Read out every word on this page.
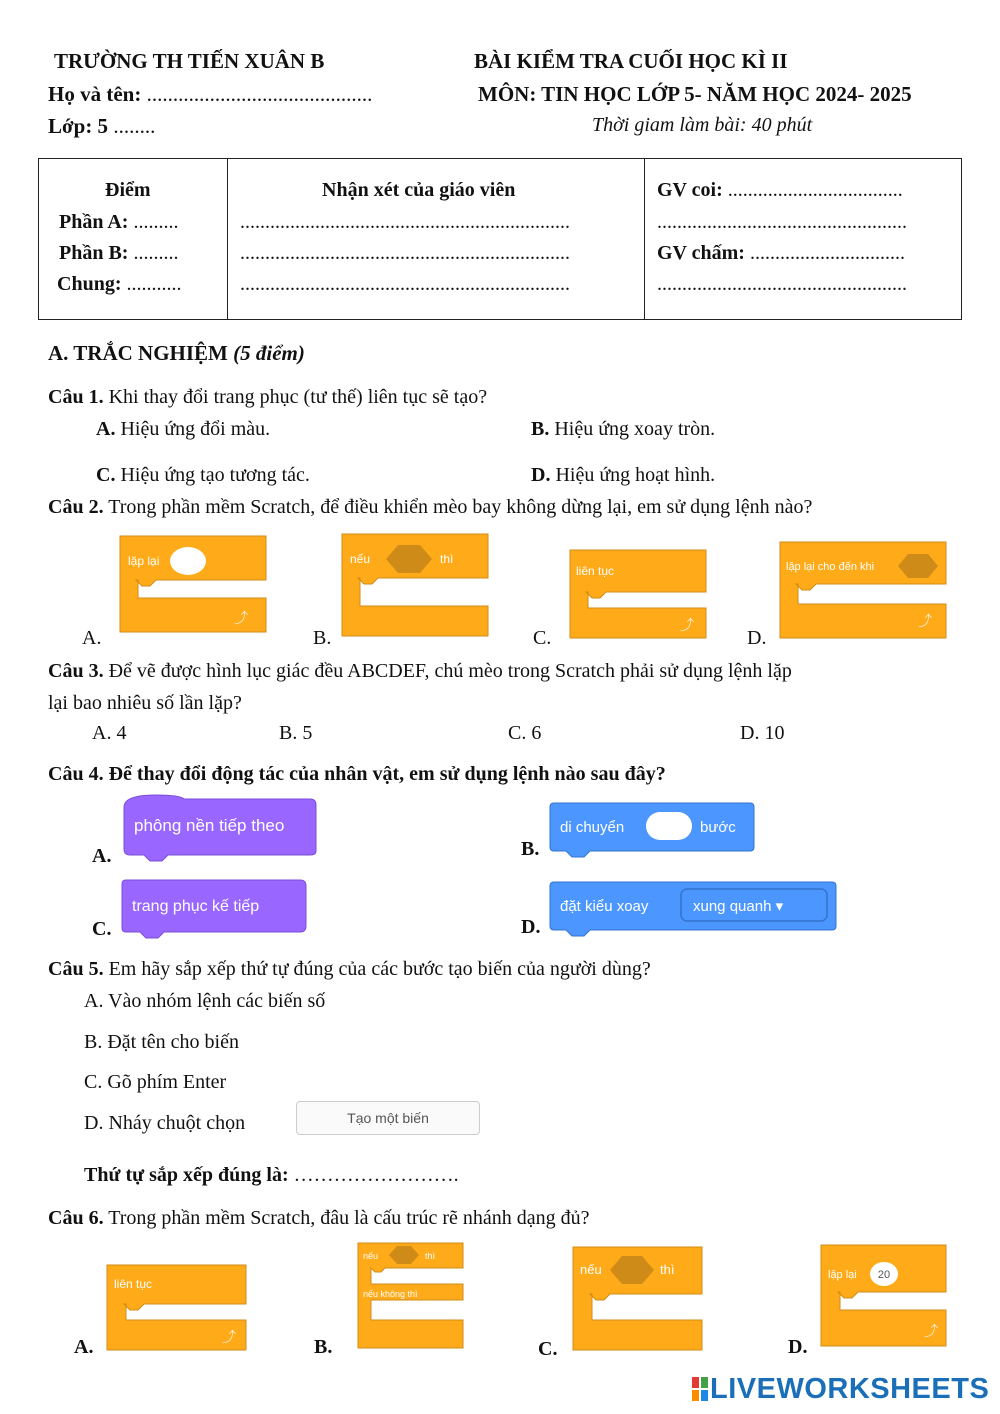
TRƯỜNG TH TIẾN XUÂN B	BÀI KIỂM TRA CUỐI HỌC KÌ II
Họ và tên: ...........................................	MÔN: TIN HỌC LỚP 5- NĂM HỌC 2024- 2025
Lớp: 5 ........	Thời giam làm bài: 40 phút
Điểm
Phần A: .........
Phần B: .........
Chung: ...........

Nhận xét của giáo viên
..................................................................
..................................................................
..................................................................

GV coi: ...................................
..................................................
GV chấm: ...............................
..................................................
A. TRẮC NGHIỆM (5 điểm)
Câu 1. Khi thay đổi trang phục (tư thế) liên tục sẽ tạo?
A. Hiệu ứng đổi màu.	B. Hiệu ứng xoay tròn.
C. Hiệu ứng tạo tương tác.	D. Hiệu ứng hoạt hình.
Câu 2. Trong phần mềm Scratch, để điều khiển mèo bay không dừng lại, em sử dụng lệnh nào?
A.
lặp lại
⤴
B.
nếu	thì
C.
liên tục
⤴
D.
lặp lại cho đến khi
⤴
Câu 3. Để vẽ được hình lục giác đều ABCDEF, chú mèo trong Scratch phải sử dụng lệnh lặp
lại bao nhiêu số lần lặp?
A. 4	B. 5	C. 6	D. 10
Câu 4. Để thay đổi động tác của nhân vật, em sử dụng lệnh nào sau đây?
A.
phông nền tiếp theo
B.
di chuyển	bước
C.
trang phục kế tiếp
D.
đặt kiểu xoay	xung quanh ▾
Câu 5. Em hãy sắp xếp thứ tự đúng của các bước tạo biến của người dùng?
A. Vào nhóm lệnh các biến số
B. Đặt tên cho biến
C. Gõ phím Enter
D. Nháy chuột chọn	Tạo một biến
Thứ tự sắp xếp đúng là: …………………….
Câu 6. Trong phần mềm Scratch, đâu là cấu trúc rẽ nhánh dạng đủ?
A.
liên tục
⤴	B.
nếu	thì
nếu không thì
C.
nếu	thì
D.
lặp lại 20
⤴
LIVEWORKSHEETS
